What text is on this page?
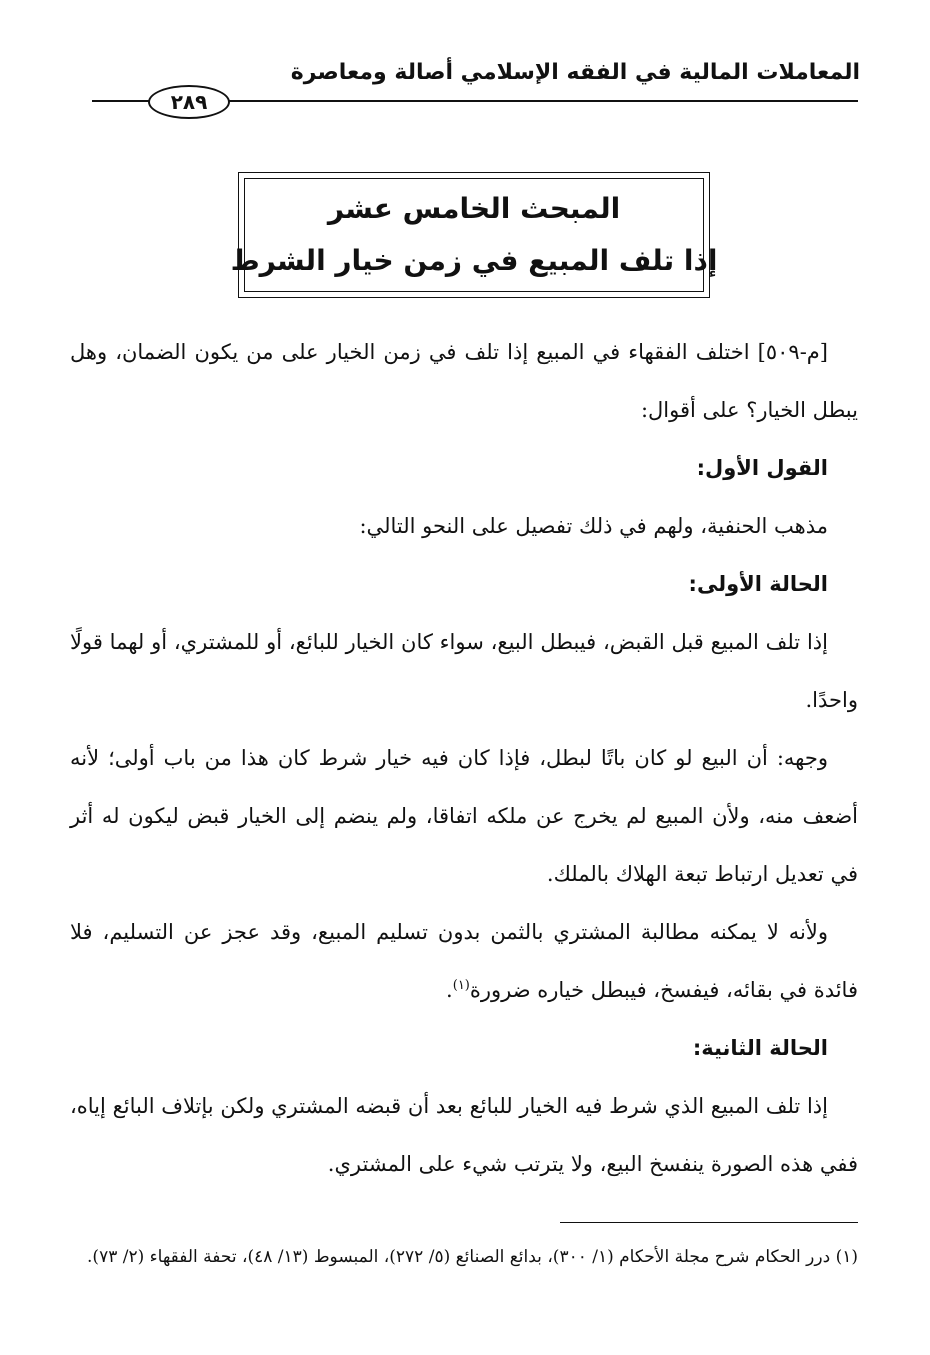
المعاملات المالية في الفقه الإسلامي أصالة ومعاصرة
٢٨٩
المبحث الخامس عشر
إذا تلف المبيع في زمن خيار الشرط

[م-٥٠٩] اختلف الفقهاء في المبيع إذا تلف في زمن الخيار على من يكون الضمان، وهل يبطل الخيار؟ على أقوال:

القول الأول:

مذهب الحنفية، ولهم في ذلك تفصيل على النحو التالي:

الحالة الأولى:

إذا تلف المبيع قبل القبض، فيبطل البيع، سواء كان الخيار للبائع، أو للمشتري، أو لهما قولًا واحدًا.

وجهه: أن البيع لو كان باتًا لبطل، فإذا كان فيه خيار شرط كان هذا من باب أولى؛ لأنه أضعف منه، ولأن المبيع لم يخرج عن ملكه اتفاقا، ولم ينضم إلى الخيار قبض ليكون له أثر في تعديل ارتباط تبعة الهلاك بالملك.

ولأنه لا يمكنه مطالبة المشتري بالثمن بدون تسليم المبيع، وقد عجز عن التسليم، فلا فائدة في بقائه، فيفسخ، فيبطل خياره ضرورة$^{(١)}$.

الحالة الثانية:

إذا تلف المبيع الذي شرط فيه الخيار للبائع بعد أن قبضه المشتري ولكن بإتلاف البائع إياه، ففي هذه الصورة ينفسخ البيع، ولا يترتب شيء على المشتري.

(١) درر الحكام شرح مجلة الأحكام (١/ ٣٠٠)، بدائع الصنائع (٥/ ٢٧٢)، المبسوط (١٣/ ٤٨)، تحفة الفقهاء (٢/ ٧٣).
